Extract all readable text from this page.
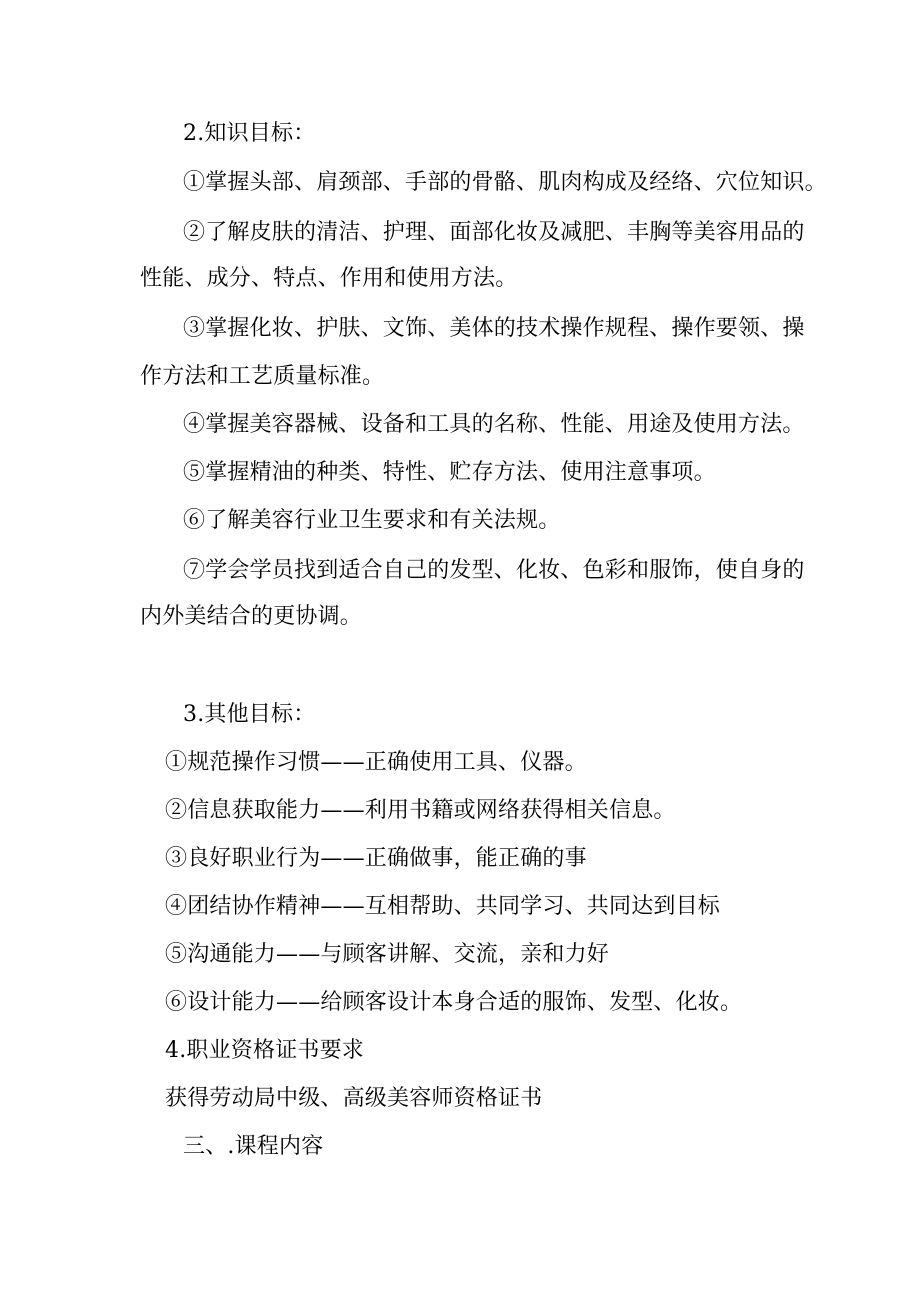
2.知识目标：
①掌握头部、肩颈部、手部的骨骼、肌肉构成及经络、穴位知识。
②了解皮肤的清洁、护理、面部化妆及减肥、丰胸等美容用品的
性能、成分、特点、作用和使用方法。
③掌握化妆、护肤、文饰、美体的技术操作规程、操作要领、操
作方法和工艺质量标准。
④掌握美容器械、设备和工具的名称、性能、用途及使用方法。
⑤掌握精油的种类、特性、贮存方法、使用注意事项。
⑥了解美容行业卫生要求和有关法规。
⑦学会学员找到适合自己的发型、化妆、色彩和服饰，使自身的
内外美结合的更协调。
3.其他目标：
①规范操作习惯——正确使用工具、仪器。
②信息获取能力——利用书籍或网络获得相关信息。
③良好职业行为——正确做事，能正确的事
④团结协作精神——互相帮助、共同学习、共同达到目标
⑤沟通能力——与顾客讲解、交流，亲和力好
⑥设计能力——给顾客设计本身合适的服饰、发型、化妆。
4.职业资格证书要求
获得劳动局中级、高级美容师资格证书
三、.课程内容
